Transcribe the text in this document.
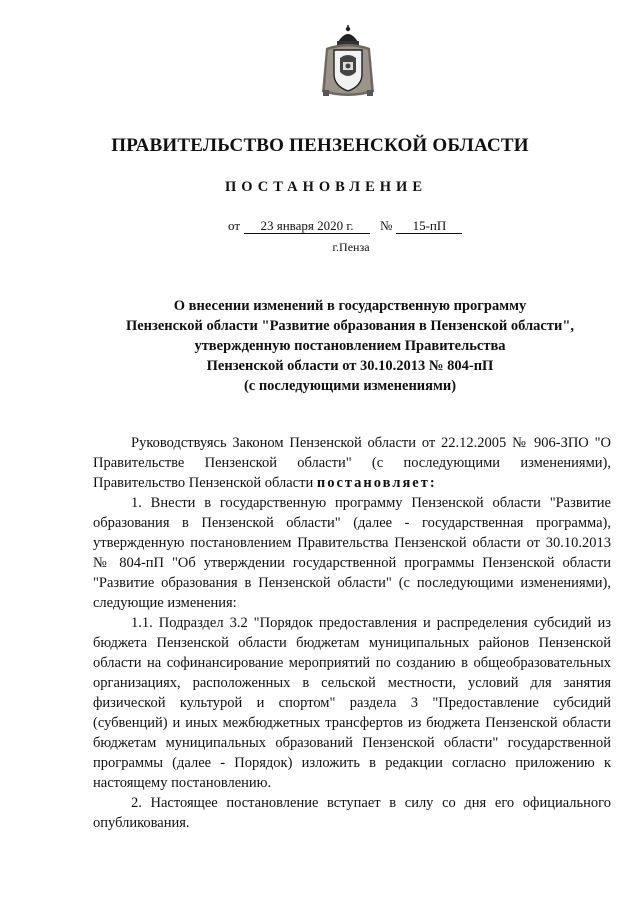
ПРАВИТЕЛЬСТВО ПЕНЗЕНСКОЙ ОБЛАСТИ
ПОСТАНОВЛЕНИЕ
от 23 января 2020 г. № 15-пП
г.Пенза
О внесении изменений в государственную программу
Пензенской области "Развитие образования в Пензенской области",
утвержденную постановлением Правительства
Пензенской области от 30.10.2013 № 804-пП
(с последующими изменениями)

Руководствуясь Законом Пензенской области от 22.12.2005 № 906-ЗПО "О Правительстве Пензенской области" (с последующими изменениями), Правительство Пензенской области постановляет:

1. Внести в государственную программу Пензенской области "Развитие образования в Пензенской области" (далее - государственная программа), утвержденную постановлением Правительства Пензенской области от 30.10.2013 № 804-пП "Об утверждении государственной программы Пензенской области "Развитие образования в Пензенской области" (с последующими изменениями), следующие изменения:

1.1. Подраздел 3.2 "Порядок предоставления и распределения субсидий из бюджета Пензенской области бюджетам муниципальных районов Пензенской области на софинансирование мероприятий по созданию в общеобразовательных организациях, расположенных в сельской местности, условий для занятия физической культурой и спортом" раздела 3 "Предоставление субсидий (субвенций) и иных межбюджетных трансфертов из бюджета Пензенской области бюджетам муниципальных образований Пензенской области" государственной программы (далее - Порядок) изложить в редакции согласно приложению к настоящему постановлению.

2. Настоящее постановление вступает в силу со дня его официального опубликования.
